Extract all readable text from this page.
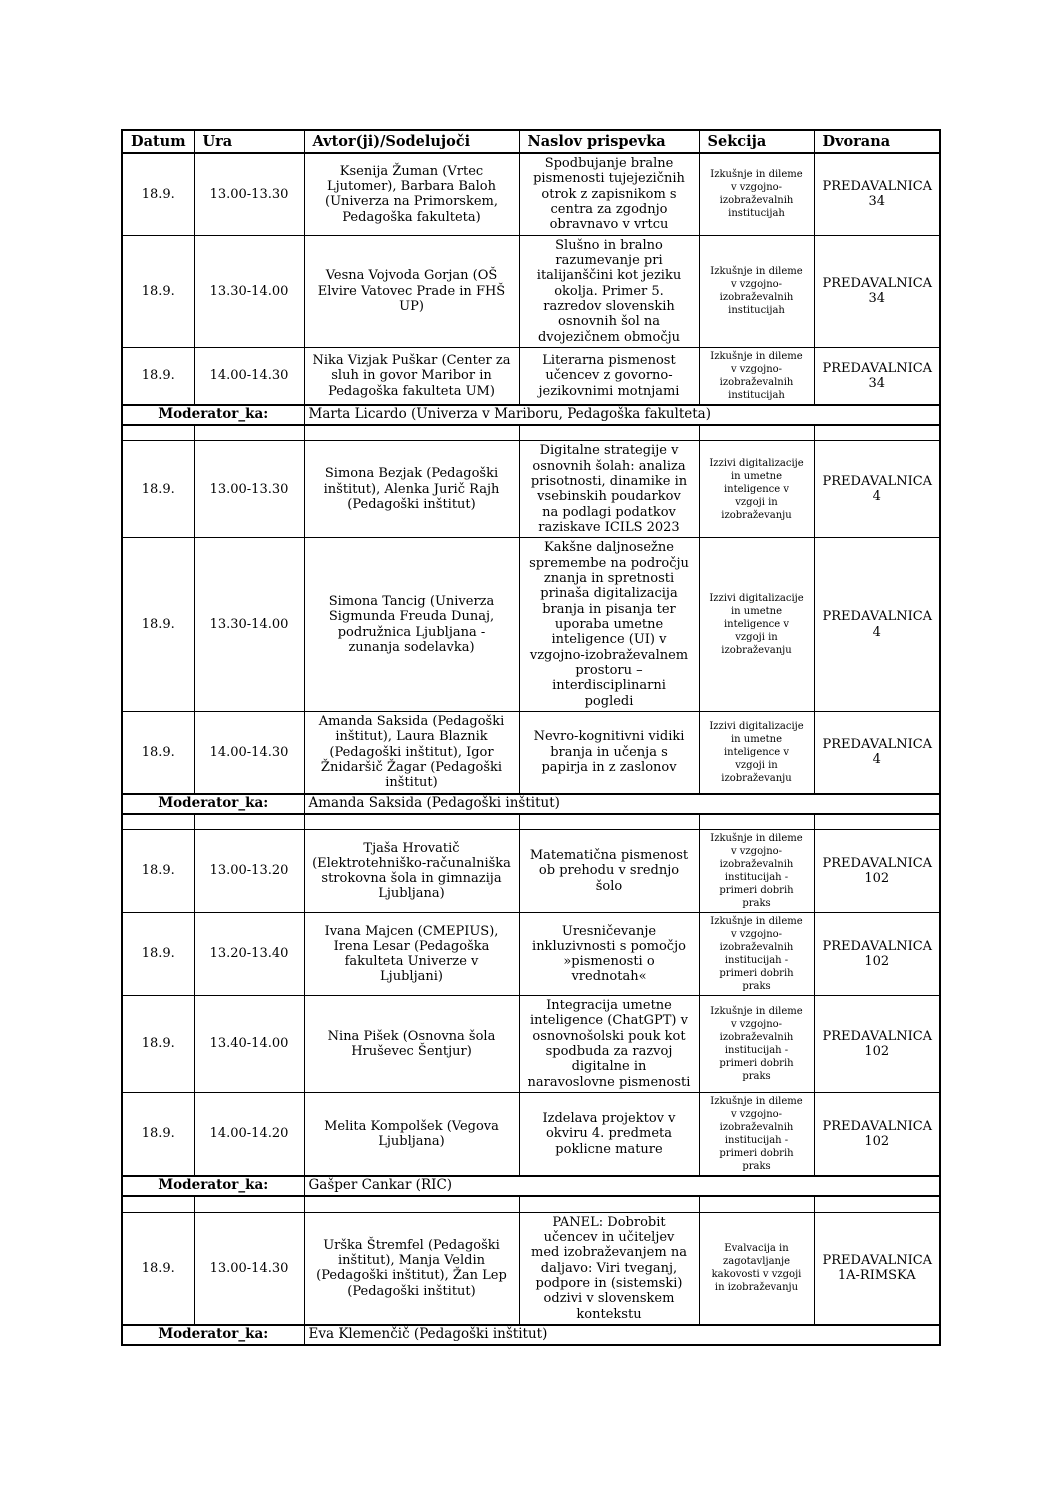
Datum	Ura	Avtor(ji)/Sodelujoči	Naslov prispevka	Sekcija	Dvorana
18.9.	13.00-13.30	Ksenija Žuman (Vrtec Ljutomer), Barbara Baloh (Univerza na Primorskem, Pedagoška fakulteta)	Spodbujanje bralne pismenosti tujejezičnih otrok z zapisnikom s centra za zgodnjo obravnavo v vrtcu	Izkušnje in dileme v vzgojno-izobraževalnih institucijah	PREDAVALNICA 34
18.9.	13.30-14.00	Vesna Vojvoda Gorjan (OŠ Elvire Vatovec Prade in FHŠ UP)	Slušno in bralno razumevanje pri italijanščini kot jeziku okolja. Primer 5. razredov slovenskih osnovnih šol na dvojezičnem območju	Izkušnje in dileme v vzgojno-izobraževalnih institucijah	PREDAVALNICA 34
18.9.	14.00-14.30	Nika Vizjak Puškar (Center za sluh in govor Maribor in Pedagoška fakulteta UM)	Literarna pismenost učencev z govorno-jezikovnimi motnjami	Izkušnje in dileme v vzgojno-izobraževalnih institucijah	PREDAVALNICA 34
Moderator_ka:		Marta Licardo (Univerza v Mariboru, Pedagoška fakulteta)			

18.9.	13.00-13.30	Simona Bezjak (Pedagoški inštitut), Alenka Jurič Rajh (Pedagoški inštitut)	Digitalne strategije v osnovnih šolah: analiza prisotnosti, dinamike in vsebinskih poudarkov na podlagi podatkov raziskave ICILS 2023	Izzivi digitalizacije in umetne inteligence v vzgoji in izobraževanju	PREDAVALNICA 4
18.9.	13.30-14.00	Simona Tancig (Univerza Sigmunda Freuda Dunaj, podružnica Ljubljana - zunanja sodelavka)	Kakšne daljnosežne spremembe na področju znanja in spretnosti prinaša digitalizacija branja in pisanja ter uporaba umetne inteligence (UI) v vzgojno-izobraževalnem prostoru – interdisciplinarni pogledi	Izzivi digitalizacije in umetne inteligence v vzgoji in izobraževanju	PREDAVALNICA 4
18.9.	14.00-14.30	Amanda Saksida (Pedagoški inštitut), Laura Blaznik (Pedagoški inštitut), Igor Žnidaršič Žagar (Pedagoški inštitut)	Nevro-kognitivni vidiki branja in učenja s papirja in z zaslonov	Izzivi digitalizacije in umetne inteligence v vzgoji in izobraževanju	PREDAVALNICA 4
Moderator_ka:		Amanda Saksida (Pedagoški inštitut)			

18.9.	13.00-13.20	Tjaša Hrovatič (Elektrotehniško-računalniška strokovna šola in gimnazija Ljubljana)	Matematična pismenost ob prehodu v srednjo šolo	Izkušnje in dileme v vzgojno-izobraževalnih institucijah - primeri dobrih praks	PREDAVALNICA 102
18.9.	13.20-13.40	Ivana Majcen (CMEPIUS), Irena Lesar (Pedagoška fakulteta Univerze v Ljubljani)	Uresničevanje inkluzivnosti s pomočjo »pismenosti o vrednotah«	Izkušnje in dileme v vzgojno-izobraževalnih institucijah - primeri dobrih praks	PREDAVALNICA 102
18.9.	13.40-14.00	Nina Pišek (Osnovna šola Hruševec Šentjur)	Integracija umetne inteligence (ChatGPT) v osnovnošolski pouk kot spodbuda za razvoj digitalne in naravoslovne pismenosti	Izkušnje in dileme v vzgojno-izobraževalnih institucijah - primeri dobrih praks	PREDAVALNICA 102
18.9.	14.00-14.20	Melita Kompolšek (Vegova Ljubljana)	Izdelava projektov v okviru 4. predmeta poklicne mature	Izkušnje in dileme v vzgojno-izobraževalnih institucijah - primeri dobrih praks	PREDAVALNICA 102
Moderator_ka:		Gašper Cankar (RIC)			

18.9.	13.00-14.30	Urška Štremfel (Pedagoški inštitut), Manja Veldin (Pedagoški inštitut), Žan Lep (Pedagoški inštitut)	PANEL: Dobrobit učencev in učiteljev med izobraževanjem na daljavo: Viri tveganj, podpore in (sistemski) odzivi v slovenskem kontekstu	Evalvacija in zagotavljanje kakovosti v vzgoji in izobraževanju	PREDAVALNICA 1A-RIMSKA
Moderator_ka:		Eva Klemenčič (Pedagoški inštitut)			
